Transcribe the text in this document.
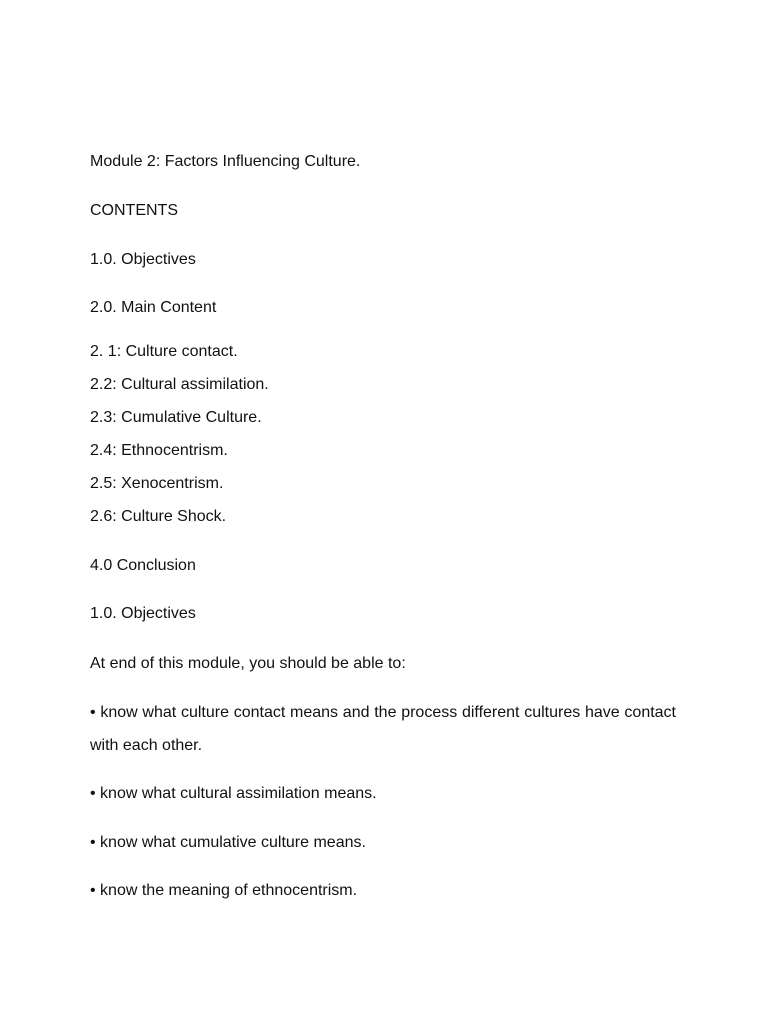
Module 2: Factors Influencing Culture.
CONTENTS
1.0. Objectives
2.0. Main Content
2. 1: Culture contact.
2.2: Cultural assimilation.
2.3: Cumulative Culture.
2.4: Ethnocentrism.
2.5: Xenocentrism.
2.6: Culture Shock.
4.0 Conclusion
1.0. Objectives
At end of this module, you should be able to:
• know what culture contact means and the process different cultures have contact with each other.
• know what cultural assimilation means.
• know what cumulative culture means.
• know the meaning of ethnocentrism.
